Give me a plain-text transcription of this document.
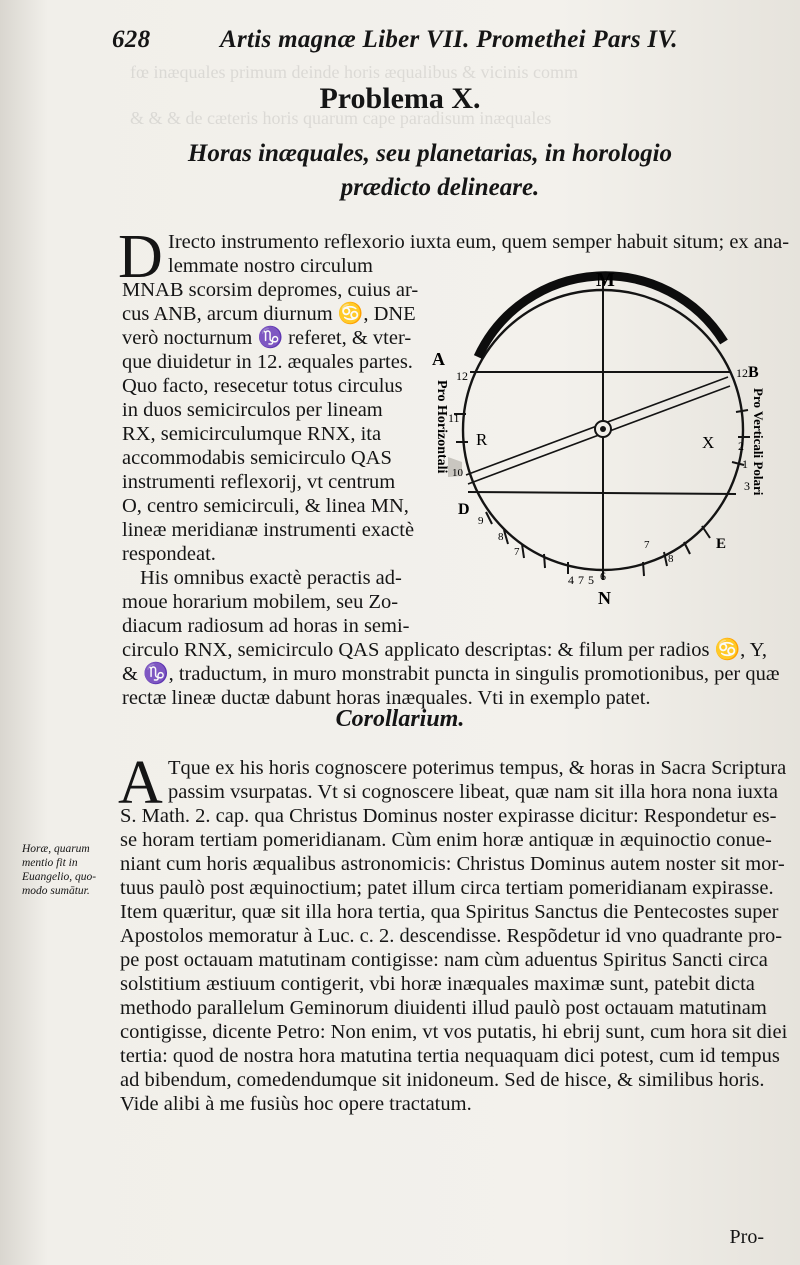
fœ inæquales primum deinde horis æqualibus & vicinis comm
& & & de cæteris horis quarum cape paradisum inæquales
628	Artis magnæ Liber VII. Promethei Pars IV.
Problema X.
Horas inæquales, seu planetarias, in horologio
prædicto delineare.
D Irecto instrumento reflexorio iuxta eum, quem semper habuit situm; ex ana-
lemmate nostro circulum
MNAB scorsim depromes, cuius ar-
cus ANB, arcum diurnum ♋, DNE
verò nocturnum ♑ referet, & vter-
que diuidetur in 12. æquales partes.
Quo facto, resecetur totus circulus
in duos semicirculos per lineam
RX, semicirculumque RNX, ita
accommodabis semicirculo QAS
instrumenti reflexorij, vt centrum
O, centro semicirculi, & linea MN,
lineæ meridianæ instrumenti exactè
respondeat.
His omnibus exactè peractis ad-
moue horarium mobilem, seu Zo-
diacum radiosum ad horas in semi-
circulo RNX, semicirculo QAS applicato descriptas: & filum per radios ♋, Y,
& ♑, traductum, in muro monstrabit puncta in singulis promotionibus, per quæ
rectæ lineæ ductæ dabunt horas inæquales. Vti in exemplo patet.
M
N
A
B
D
E
R	X
12	12
11
10
9
8
7
4 7 5 6
7
8
1
3
2
Pro Horizontali	Pro Verticali Polari
Corollarium.
A Tque ex his horis cognoscere poterimus tempus, & horas in Sacra Scriptura
passim vsurpatas. Vt si cognoscere libeat, quæ nam sit illa hora nona iuxta
S. Math. 2. cap. qua Christus Dominus noster expirasse dicitur: Respondetur es-
se horam tertiam pomeridianam. Cùm enim horæ antiquæ in æquinoctio conue-
niant cum horis æqualibus astronomicis: Christus Dominus autem noster sit mor-
tuus paulò post æquinoctium; patet illum circa tertiam pomeridianam expirasse.
Item quæritur, quæ sit illa hora tertia, qua Spiritus Sanctus die Pentecostes super
Apostolos memoratur à Luc. c. 2. descendisse. Respõdetur id vno quadrante pro-
pe post octauam matutinam contigisse: nam cùm aduentus Spiritus Sancti circa
solstitium æstiuum contigerit, vbi horæ inæquales maximæ sunt, patebit dicta
methodo parallelum Geminorum diuidenti illud paulò post octauam matutinam
contigisse, dicente Petro: Non enim, vt vos putatis, hi ebrij sunt, cum hora sit diei
tertia: quod de nostra hora matutina tertia nequaquam dici potest, cum id tempus
ad bibendum, comedendumque sit inidoneum. Sed de hisce, & similibus horis.
Vide alibi à me fusiùs hoc opere tractatum.
Horæ, quarum
mentio fit in
Euangelio, quo-
modo sumātur.
Pro-
